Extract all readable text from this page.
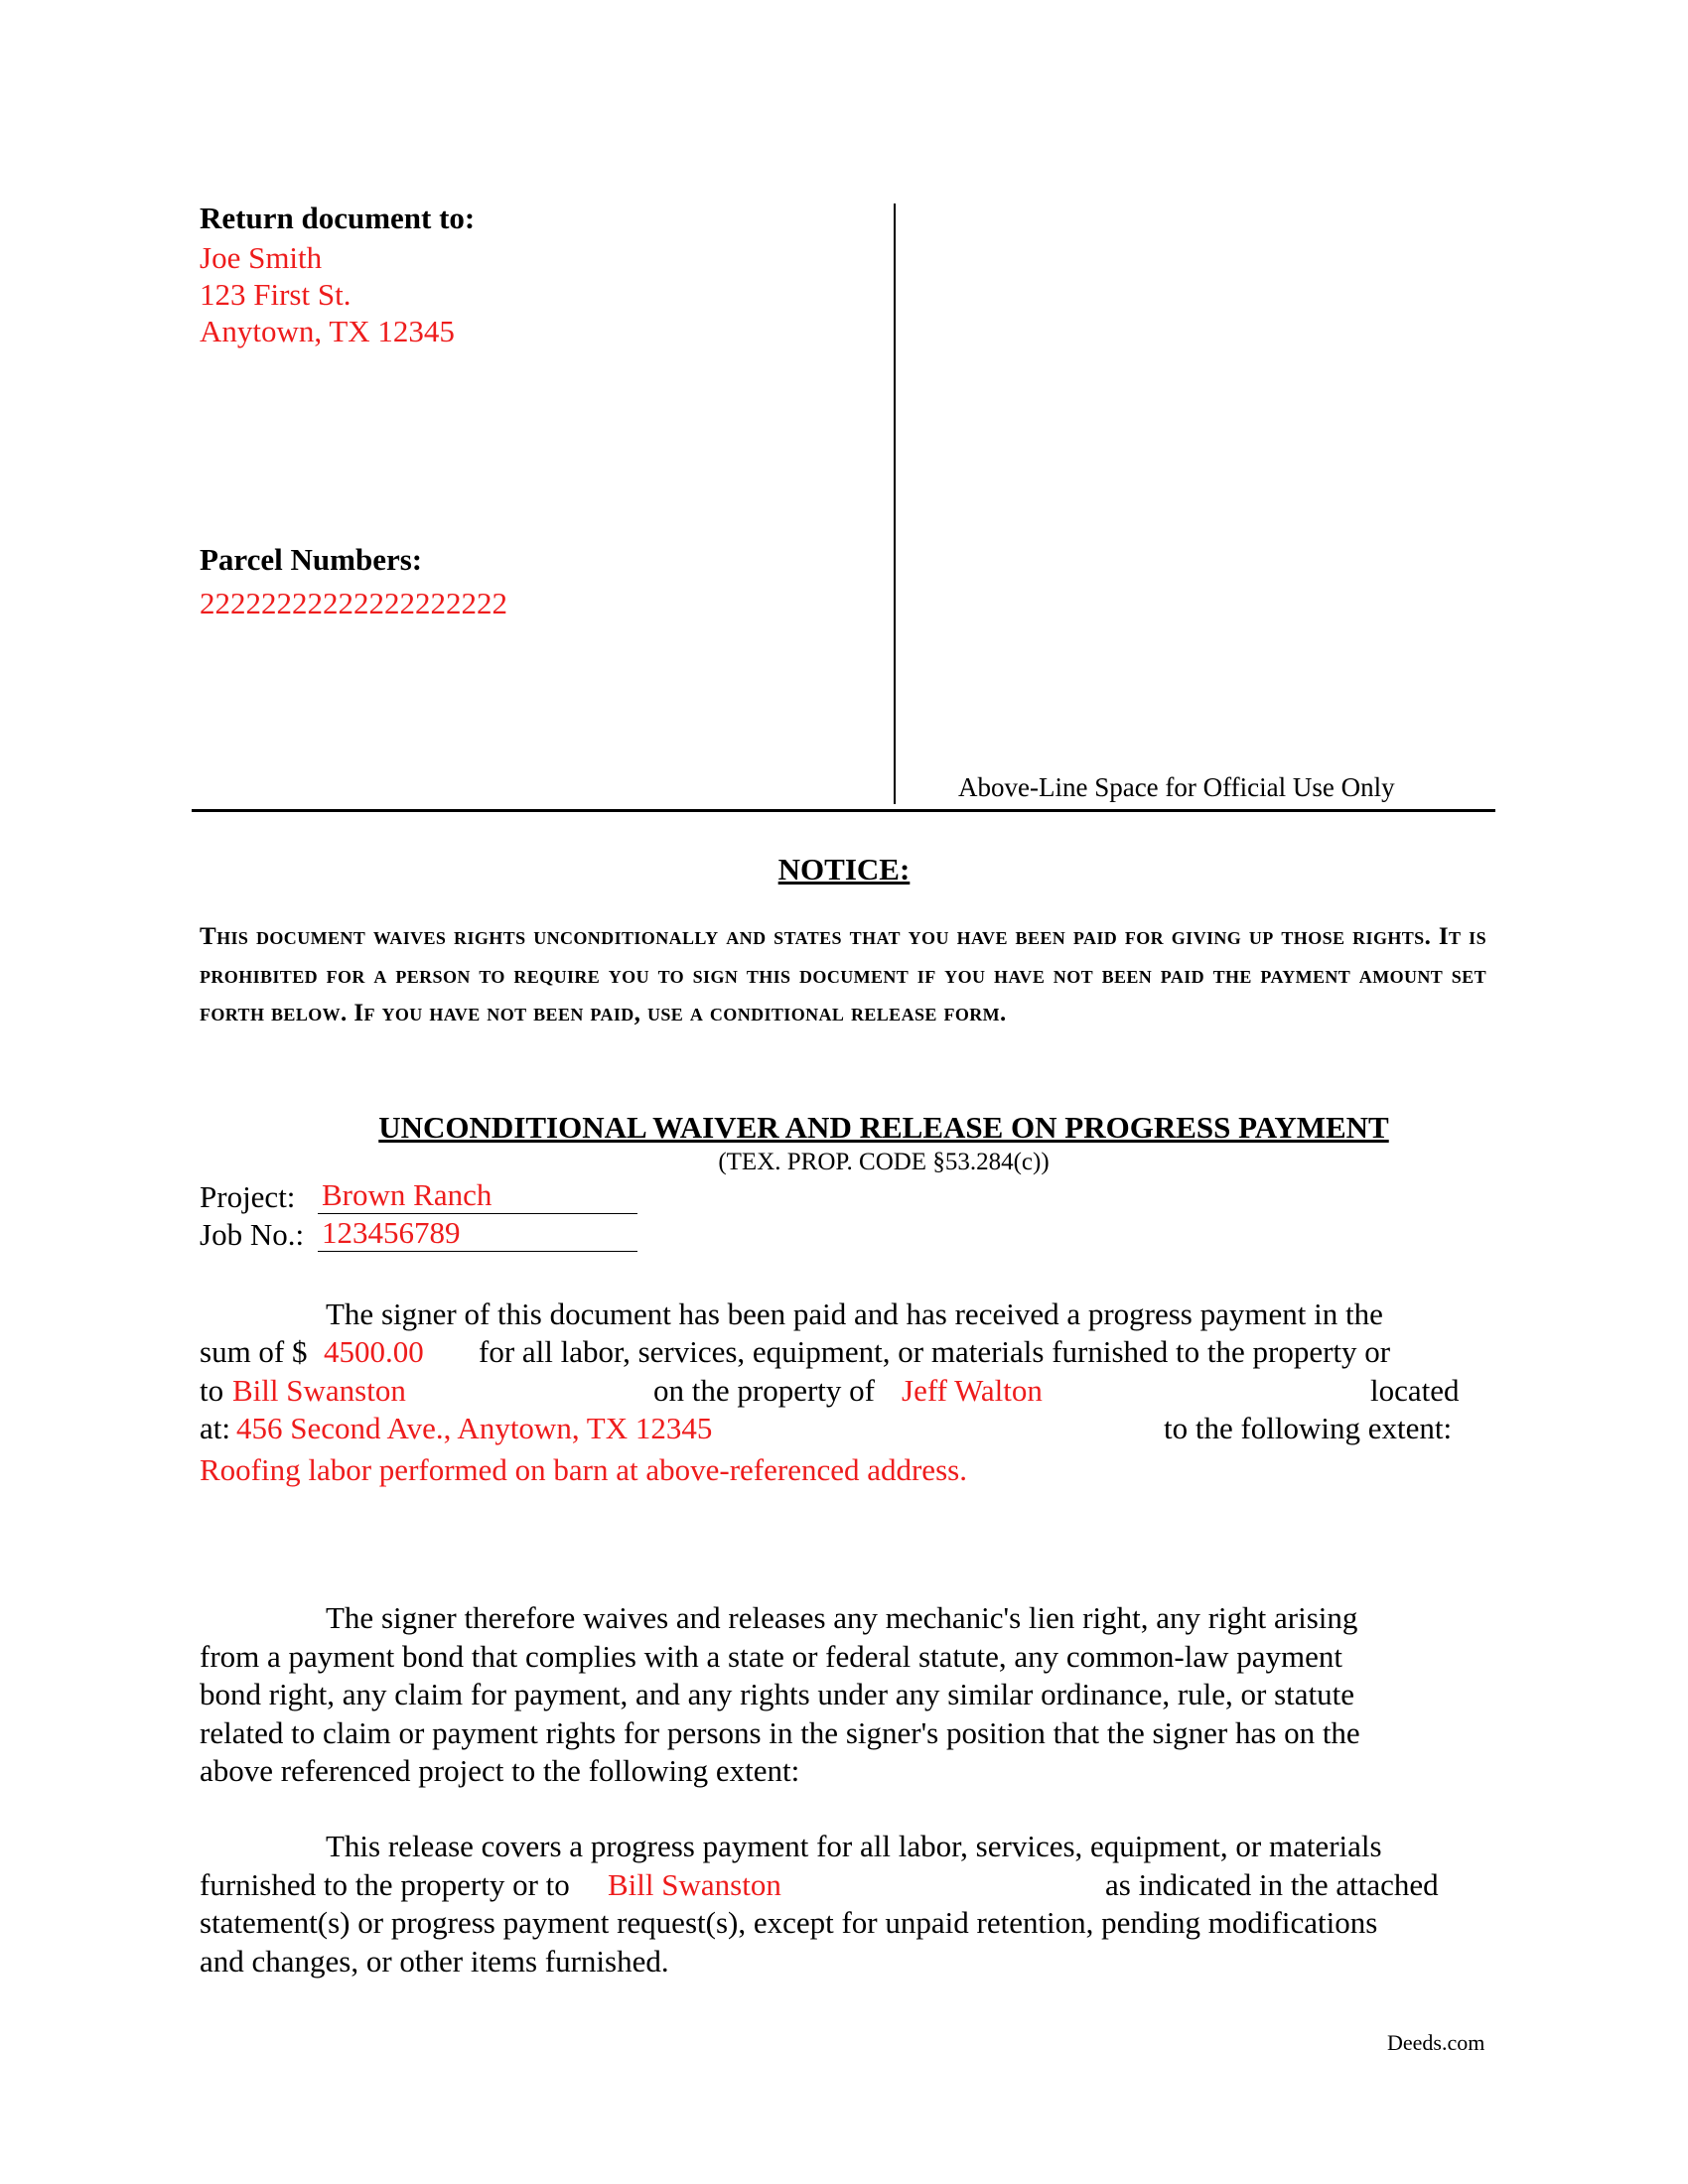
Return document to:
Joe Smith
123 First St.
Anytown, TX 12345
Parcel Numbers:
22222222222222222222
Above-Line Space for Official Use Only
NOTICE:
This document waives rights unconditionally and states that you have been paid for giving up those rights. It is prohibited for a person to require you to sign this document if you have not been paid the payment amount set forth below. If you have not been paid, use a conditional release form.
UNCONDITIONAL WAIVER AND RELEASE ON PROGRESS PAYMENT
(TEX. PROP. CODE §53.284(c))
Project: Brown Ranch
Job No.: 123456789
The signer of this document has been paid and has received a progress payment in the
sum of $ 4500.00 for all labor, services, equipment, or materials furnished to the property or
to Bill Swanston	on the property of Jeff Walton	located
at: 456 Second Ave., Anytown, TX 12345	to the following extent:
Roofing labor performed on barn at above-referenced address.
The signer therefore waives and releases any mechanic's lien right, any right arising
from a payment bond that complies with a state or federal statute, any common-law payment
bond right, any claim for payment, and any rights under any similar ordinance, rule, or statute
related to claim or payment rights for persons in the signer's position that the signer has on the
above referenced project to the following extent:
This release covers a progress payment for all labor, services, equipment, or materials
furnished to the property or to Bill Swanston	as indicated in the attached
statement(s) or progress payment request(s), except for unpaid retention, pending modifications
and changes, or other items furnished.
Deeds.com
